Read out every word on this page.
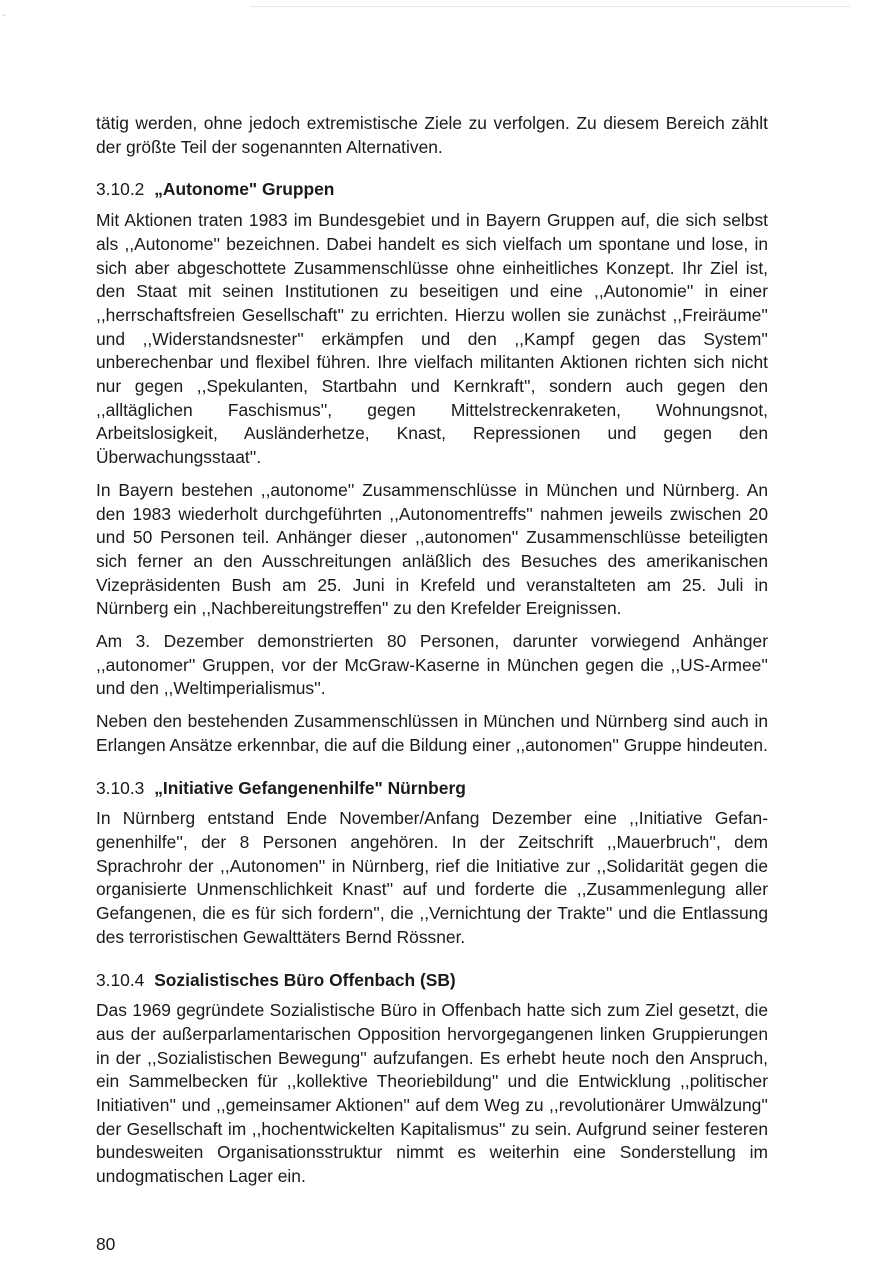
ˇ

tätig werden, ohne jedoch extremistische Ziele zu verfolgen. Zu diesem Bereich zählt der größte Teil der sogenannten Alternativen.

3.10.2 „Autonome" Gruppen

Mit Aktionen traten 1983 im Bundesgebiet und in Bayern Gruppen auf, die sich selbst als ,,Autonome'' bezeichnen. Dabei handelt es sich vielfach um spontane und lose, in sich aber abgeschottete Zusammenschlüsse ohne einheitliches Konzept. Ihr Ziel ist, den Staat mit seinen Institutionen zu beseitigen und eine ,,Autonomie'' in einer ,,herrschaftsfreien Gesellschaft'' zu errichten. Hierzu wollen sie zunächst ,,Freiräume'' und ,,Widerstandsnester'' erkämpfen und den ,,Kampf gegen das System'' unberechenbar und flexibel führen. Ihre vielfach militanten Aktionen richten sich nicht nur gegen ,,Spekulanten, Startbahn und Kernkraft'', sondern auch gegen den ,,alltäglichen Faschismus'', gegen Mittelstreckenraketen, Wohnungsnot, Arbeitslosigkeit, Ausländerhetze, Knast, Repressionen und gegen den Überwachungsstaat''.

In Bayern bestehen ,,autonome'' Zusammenschlüsse in München und Nürnberg. An den 1983 wiederholt durchgeführten ,,Autonomentreffs'' nahmen jeweils zwischen 20 und 50 Personen teil. Anhänger dieser ,,autonomen'' Zusammenschlüsse beteiligten sich ferner an den Ausschreitungen anläßlich des Besuches des amerikanischen Vizepräsidenten Bush am 25. Juni in Krefeld und veranstalteten am 25. Juli in Nürnberg ein ,,Nachbereitungstreffen'' zu den Krefelder Ereignissen.

Am 3. Dezember demonstrierten 80 Personen, darunter vorwiegend Anhänger ,,autonomer'' Gruppen, vor der McGraw-Kaserne in München gegen die ,,US-Armee'' und den ,,Weltimperialismus''.

Neben den bestehenden Zusammenschlüssen in München und Nürnberg sind auch in Erlangen Ansätze erkennbar, die auf die Bildung einer ,,autonomen'' Gruppe hindeuten.

3.10.3 „Initiative Gefangenenhilfe" Nürnberg

In Nürnberg entstand Ende November/Anfang Dezember eine ,,Initiative Gefangenenhilfe'', der 8 Personen angehören. In der Zeitschrift ,,Mauerbruch'', dem Sprachrohr der ,,Autonomen'' in Nürnberg, rief die Initiative zur ,,Solidarität gegen die organisierte Unmenschlichkeit Knast'' auf und forderte die ,,Zusammenlegung aller Gefangenen, die es für sich fordern'', die ,,Vernichtung der Trakte'' und die Entlassung des terroristischen Gewalttäters Bernd Rössner.

3.10.4 Sozialistisches Büro Offenbach (SB)

Das 1969 gegründete Sozialistische Büro in Offenbach hatte sich zum Ziel gesetzt, die aus der außerparlamentarischen Opposition hervorgegangenen linken Gruppierungen in der ,,Sozialistischen Bewegung'' aufzufangen. Es erhebt heute noch den Anspruch, ein Sammelbecken für ,,kollektive Theoriebildung'' und die Entwicklung ,,politischer Initiativen'' und ,,gemeinsamer Aktionen'' auf dem Weg zu ,,revolutionärer Umwälzung'' der Gesellschaft im ,,hochentwickelten Kapitalismus'' zu sein. Aufgrund seiner festeren bundesweiten Organisationsstruktur nimmt es weiterhin eine Sonderstellung im undogmatischen Lager ein.

80
